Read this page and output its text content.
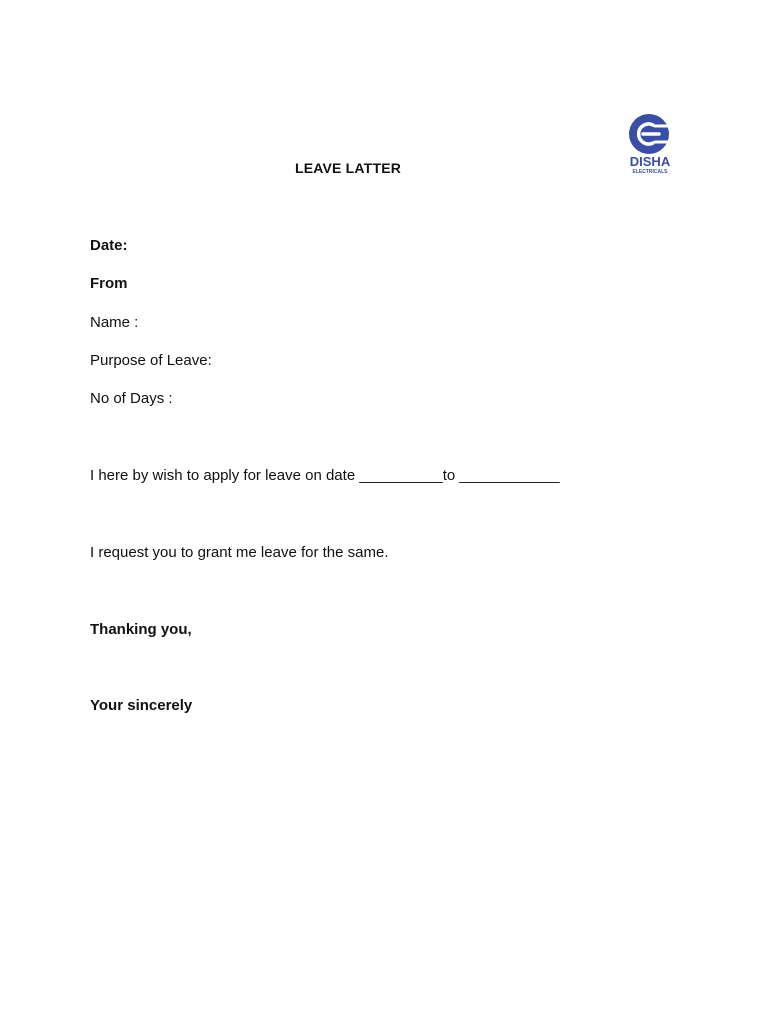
DISHA
ELECTRICALS
LEAVE LATTER
Date:
From
Name :
Purpose of Leave:
No of Days :
I here by wish to apply for leave on date __________to ____________
I request you to grant me leave for the same.
Thanking you,
Your sincerely
